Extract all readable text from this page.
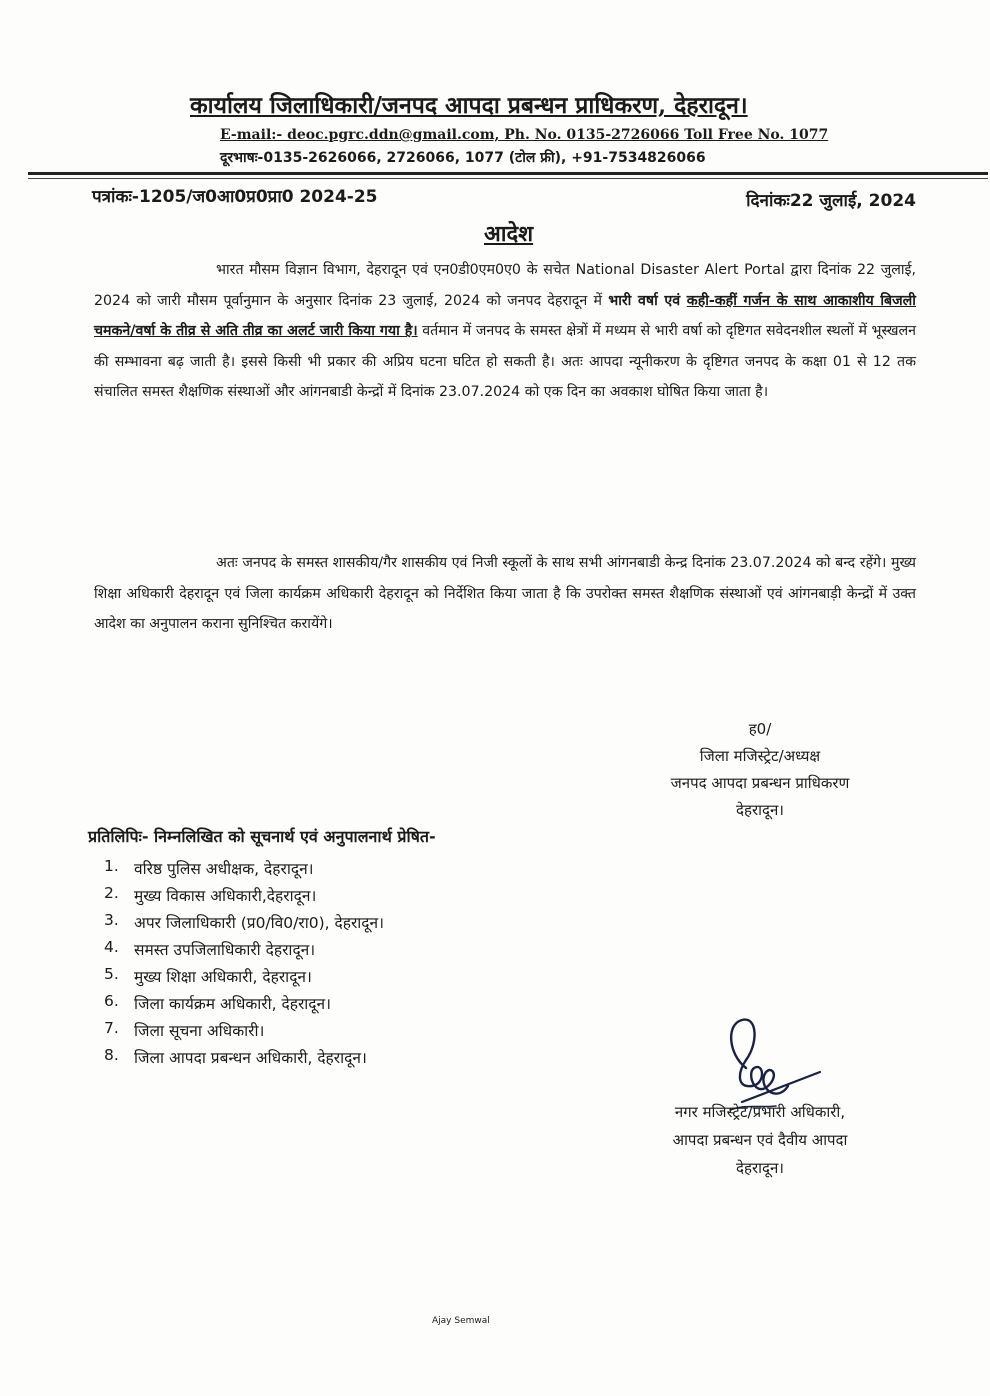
कार्यालय जिलाधिकारी/जनपद आपदा प्रबन्धन प्राधिकरण, देहरादून।
E-mail:- deoc.pgrc.ddn@gmail.com, Ph. No. 0135-2726066 Toll Free No. 1077
दूरभाषः-0135-2626066, 2726066, 1077 (टोल फ्री), +91-7534826066
पत्रांकः-1205/ज0आ0प्र0प्रा0 2024-25	दिनांकः22 जुलाई, 2024
आदेश

भारत मौसम विज्ञान विभाग, देहरादून एवं एन0डी0एम0ए0 के सचेत National Disaster Alert Portal द्वारा दिनांक 22 जुलाई, 2024 को जारी मौसम पूर्वानुमान के अनुसार दिनांक 23 जुलाई, 2024 को जनपद देहरादून में भारी वर्षा एवं कही-कहीं गर्जन के साथ आकाशीय बिजली चमकने/वर्षा के तीव्र से अति तीव्र का अलर्ट जारी किया गया है। वर्तमान में जनपद के समस्त क्षेत्रों में मध्यम से भारी वर्षा को दृष्टिगत सवेदनशील स्थलों में भूस्खलन की सम्भावना बढ़ जाती है। इससे किसी भी प्रकार की अप्रिय घटना घटित हो सकती है। अतः आपदा न्यूनीकरण के दृष्टिगत जनपद के कक्षा 01 से 12 तक संचालित समस्त शैक्षणिक संस्थाओं और आंगनबाडी केन्द्रों में दिनांक 23.07.2024 को एक दिन का अवकाश घोषित किया जाता है।

अतः जनपद के समस्त शासकीय/गैर शासकीय एवं निजी स्कूलों के साथ सभी आंगनबाडी केन्द्र दिनांक 23.07.2024 को बन्द रहेंगे। मुख्य शिक्षा अधिकारी देहरादून एवं जिला कार्यक्रम अधिकारी देहरादून को निर्देशित किया जाता है कि उपरोक्त समस्त शैक्षणिक संस्थाओं एवं आंगनबाड़ी केन्द्रों में उक्त आदेश का अनुपालन कराना सुनिश्चित करायेंगे।

ह0/
जिला मजिस्ट्रेट/अध्यक्ष
जनपद आपदा प्रबन्धन प्राधिकरण
देहरादून।
प्रतिलिपिः- निम्नलिखित को सूचनार्थ एवं अनुपालनार्थ प्रेषित-
1. वरिष्ठ पुलिस अधीक्षक, देहरादून।
2. मुख्य विकास अधिकारी,देहरादून।
3. अपर जिलाधिकारी (प्र0/वि0/रा0), देहरादून।
4. समस्त उपजिलाधिकारी देहरादून।
5. मुख्य शिक्षा अधिकारी, देहरादून।
6. जिला कार्यक्रम अधिकारी, देहरादून।
7. जिला सूचना अधिकारी।
8. जिला आपदा प्रबन्धन अधिकारी, देहरादून।
नगर मजिस्ट्रेट/प्रभारी अधिकारी,
आपदा प्रबन्धन एवं दैवीय आपदा
देहरादून।
Ajay Semwal
